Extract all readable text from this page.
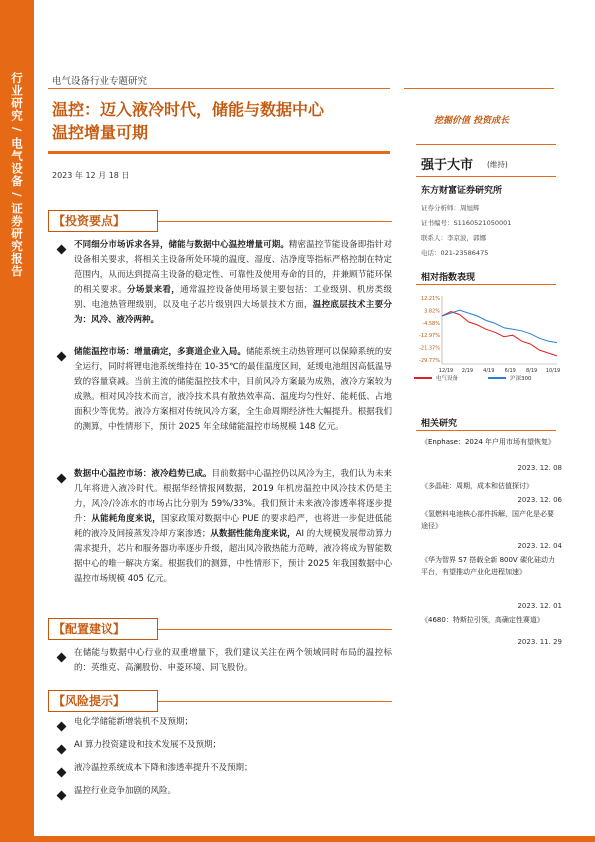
行业研究 / 电气设备 / 证券研究报告	电气设备行业专题研究
温控：迈入液冷时代，储能与数据中心
温控增量可期
2023 年 12 月 18 日
挖掘价值 投资成长
强于大市 (维持)
东方财富证券研究所
证券分析师：周旭辉
证书编号：S1160521050001
联系人：李京波，郭娜
电话：021-23586475
相对指数表现
12.21%
3.82%
-4.58%
-12.97%
-21.37%
-29.77%
12/19 2/19 4/19 6/19 8/19 10/19
电气设备	沪深300
相关研究
《Enphase：2024 年户用市场有望恢复》
2023. 12. 08
《多晶硅：周期，成本和估值探讨》
2023. 12. 06
《氢燃料电池核心部件拆解，国产化是必要途径》
2023. 12. 04
《华为智界 S7 搭载全新 800V 碳化硅动力平台，有望推动产业化进程加速》
2023. 12. 01
《4680：特斯拉引领，高确定性赛道》
2023. 11. 29
【投资要点】
不同细分市场诉求各异，储能与数据中心温控增量可期。精密温控节能设备即指针对设备相关要求，将相关主设备所处环境的温度、湿度、洁净度等指标严格控制在特定范围内，从而达到提高主设备的稳定性、可靠性及使用寿命的目的，并兼顾节能环保的相关要求。分场景来看，通常温控设备使用场景主要包括：工业级别、机房类级别、电池热管理级别，以及电子芯片级别四大场景技术方面，温控底层技术主要分为：风冷、液冷两种。
储能温控市场：增量确定，多赛道企业入局。储能系统主动热管理可以保障系统的安全运行，同时将锂电池系统维持在 10-35℃的最佳温度区间，延缓电池组因高低温导致的容量衰减。当前主流的储能温控技术中，目前风冷方案最为成熟，液冷方案较为成熟。相对风冷技术而言，液冷技术具有散热效率高、温度均匀性好、能耗低、占地面积少等优势。液冷方案相对传统风冷方案，全生命周期经济性大幅提升。根据我们的测算，中性情形下，预计 2025 年全球储能温控市场规模 148 亿元。
数据中心温控市场：液冷趋势已成。目前数据中心温控仍以风冷为主，我们认为未来几年将进入液冷时代。根据华经情报网数据，2019 年机房温控中风冷技术仍是主力，风冷/冷冻水的市场占比分别为 59%/33%。我们预计未来液冷渗透率将逐步提升：从能耗角度来说，国家政策对数据中心 PUE 的要求趋严，也将进一步促进低能耗的液冷及间接蒸发冷却方案渗透；从数据性能角度来说，AI 的大规模发展带动算力需求提升，芯片和服务器功率逐步升级，超出风冷散热能力范畴，液冷将成为智能数据中心的唯一解决方案。根据我们的测算，中性情形下，预计 2025 年我国数据中心温控市场规模 405 亿元。
【配置建议】
在储能与数据中心行业的双重增量下，我们建议关注在两个领域同时布局的温控标的：英维克、高澜股份、申菱环境、同飞股份。
【风险提示】
电化学储能新增装机不及预期；
AI 算力投资建设和技术发展不及预期；
液冷温控系统成本下降和渗透率提升不及预期；
温控行业竞争加剧的风险。
